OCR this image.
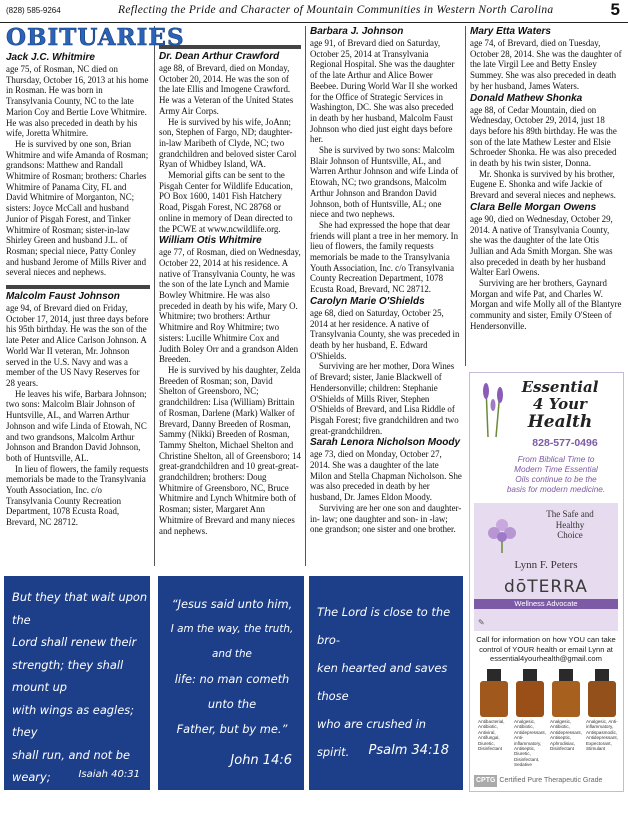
(828) 585-9264	Reflecting the Pride and Character of Mountain Communities in Western North Carolina	5
OBITUARIES
Jack J.C. Whitmire

age 75, of Rosman, NC died on Thursday, October 16, 2013 at his home in Rosman. He was born in Transylvania County, NC to the late Marion Coy and Bertie Love Whitmire. He was also preceded in death by his wife, Joretta Whitmire.

He is survived by one son, Brian Whitmire and wife Amanda of Rosman; grandsons: Matthew and Randall Whitmire of Rosman; brothers: Charles Whitmire of Panama City, FL and David Whitmire of Morganton, NC; sisters: Joyce McCall and husband Junior of Pisgah Forest, and Tinker Whitmire of Rosman; sister-in-law Shirley Green and husband J.L. of Rosman; special niece, Patty Conley and husband Jerome of Mills River and several nieces and nephews.

Malcolm Faust Johnson

age 94, of Brevard died on Friday, October 17, 2014, just three days before his 95th birthday. He was the son of the late Peter and Alice Carlson Johnson. A World War II veteran, Mr. Johnson served in the U.S. Navy and was a member of the US Navy Reserves for 28 years.

He leaves his wife, Barbara Johnson; two sons: Malcolm Blair Johnson of Huntsville, AL, and Warren Arthur Johnson and wife Linda of Etowah, NC and two grandsons, Malcolm Arthur Johnson and Brandon David Johnson, both of Huntsville, AL.

In lieu of flowers, the family requests memorials be made to the Transylvania Youth Association, Inc. c/o Transylvania County Recreation Department, 1078 Ecusta Road, Brevard, NC 28712.

Dr. Dean Arthur Crawford

age 88, of Brevard, died on Monday, October 20, 2014. He was the son of the late Ellis and Imogene Crawford. He was a Veteran of the United States Army Air Corps.

He is survived by his wife, JoAnn; son, Stephen of Fargo, ND; daughter-in-law Maribeth of Clyde, NC; two grandchildren and beloved sister Carol Ryan of Whidbey Island, WA.

Memorial gifts can be sent to the Pisgah Center for Wildlife Education, PO Box 1600, 1401 Fish Hatchery Road, Pisgah Forest, NC 28768 or online in memory of Dean directed to the PCWE at www.ncwildlife.org.

William Otis Whitmire

age 77, of Rosman, died on Wednesday, October 22, 2014 at his residence. A native of Transylvania County, he was the son of the late Lynch and Mamie Bowley Whitmire. He was also preceded in death by his wife, Mary O. Whitmire; two brothers: Arthur Whitmire and Roy Whitmire; two sisters: Lucille Whitmire Cox and Judith Boley Orr and a grandson Alden Breeden.

He is survived by his daughter, Zelda Breeden of Rosman; son, David Shelton of Greensboro, NC; grandchildren: Lisa (William) Brittain of Rosman, Darlene (Mark) Walker of Brevard, Danny Breeden of Rosman, Sammy (Nikki) Breeden of Rosman, Tammy Shelton, Michael Shelton and Christine Shelton, all of Greensboro; 14 great-grandchildren and 10 great-great-grandchildren; brothers: Doug Whitmire of Greensboro, NC, Bruce Whitmire and Lynch Whitmire both of Rosman; sister, Margaret Ann Whitmire of Brevard and many nieces and nephews.

Barbara J. Johnson

age 91, of Brevard died on Saturday, October 25, 2014 at Transylvania Regional Hospital. She was the daughter of the late Arthur and Alice Bower Beebee. During World War II she worked for the Office of Strategic Services in Washington, DC. She was also preceded in death by her husband, Malcolm Faust Johnson who died just eight days before her.

She is survived by two sons: Malcolm Blair Johnson of Huntsville, AL, and Warren Arthur Johnson and wife Linda of Etowah, NC; two grandsons, Malcolm Arthur Johnson and Brandon David Johnson, both of Huntsville, AL; one niece and two nephews.

She had expressed the hope that dear friends will plant a tree in her memory. In lieu of flowers, the family requests memorials be made to the Transylvania Youth Association, Inc. c/o Transylvania County Recreation Department, 1078 Ecusta Road, Brevard, NC 28712.

Carolyn Marie O'Shields

age 68, died on Saturday, October 25, 2014 at her residence. A native of Transylvania County, she was preceded in death by her husband, E. Edward O'Shields.

Surviving are her mother, Dora Wines of Brevard; sister, Janie Blackwell of Hendersonville; children: Stephanie O'Shields of Mills River, Stephen O'Shields of Brevard, and Lisa Riddle of Pisgah Forest; five grandchildren and two great-grandchildren.

Sarah Lenora Nicholson Moody

age 73, died on Monday, October 27, 2014. She was a daughter of the late Milon and Stella Chapman Nicholson. She was also preceded in death by her husband, Dr. James Eldon Moody.

Surviving are her one son and daughter- in- law; one daughter and son- in -law; one grandson; one sister and one brother.

Mary Etta Waters

age 74, of Brevard, died on Tuesday, October 28, 2014. She was the daughter of the late Virgil Lee and Betty Ensley Summey. She was also preceded in death by her husband, James Waters.

Donald Mathew Shonka

age 88, of Cedar Mountain, died on Wednesday, October 29, 2014, just 18 days before his 89th birthday. He was the son of the late Mathew Lester and Elsie Schroeder Shonka. He was also preceded in death by his twin sister, Donna.

Mr. Shonka is survived by his brother, Eugene E. Shonka and wife Jackie of Brevard and several nieces and nephews.

Clara Belle Morgan Owens

age 90, died on Wednesday, October 29, 2014. A native of Transylvania County, she was the daughter of the late Otis Jullian and Ada Smith Morgan. She was also preceded in death by her husband Walter Earl Owens.

Surviving are her brothers, Gaynard Morgan and wife Pat, and Charles W. Morgan and wife Molly all of the Blantyre community and sister, Emily O'Steen of Hendersonville.

But they that wait upon the
Lord shall renew their
strength; they shall mount up
with wings as eagles; they
shall run, and not be weary;
they shall walk, and not faint.
Isaiah 40:31
“Jesus said unto him,
I am the way, the truth, and the
life: no man cometh unto the
Father, but by me.”
John 14:6
The Lord is close to the bro-
ken hearted and saves those
who are crushed in spirit.	Psalm 34:18
Essential
4 Your
Health
828-577-0496
From Biblical Time to
Modern Time Essential
Oils continue to be the
basis for modern medicine.
The Safe and
Healthy
Choice
Lynn F. Peters
dōTERRA
Wellness Advocate
✎
Call for information on how YOU can take
control of YOUR health or email Lynn at
essential4yourhealth@gmail.com
Antibacterial, Antibiotic, Antiviral, Antifungal, Diuretic, Disinfectant
Analgesic, Antibiotic, Antidepressant, Anti-inflammatory, Antiseptic, Diuretic, Disinfectant, Sedative
Analgesic, Antibiotic, Antidepressant, Antiseptic, Aphrodisiac, Disinfectant
Analgesic, Anti-inflammatory, Antispasmodic, Antidepressant, Expectorant, Stimulant
CPTG Certified Pure Therapeutic Grade
